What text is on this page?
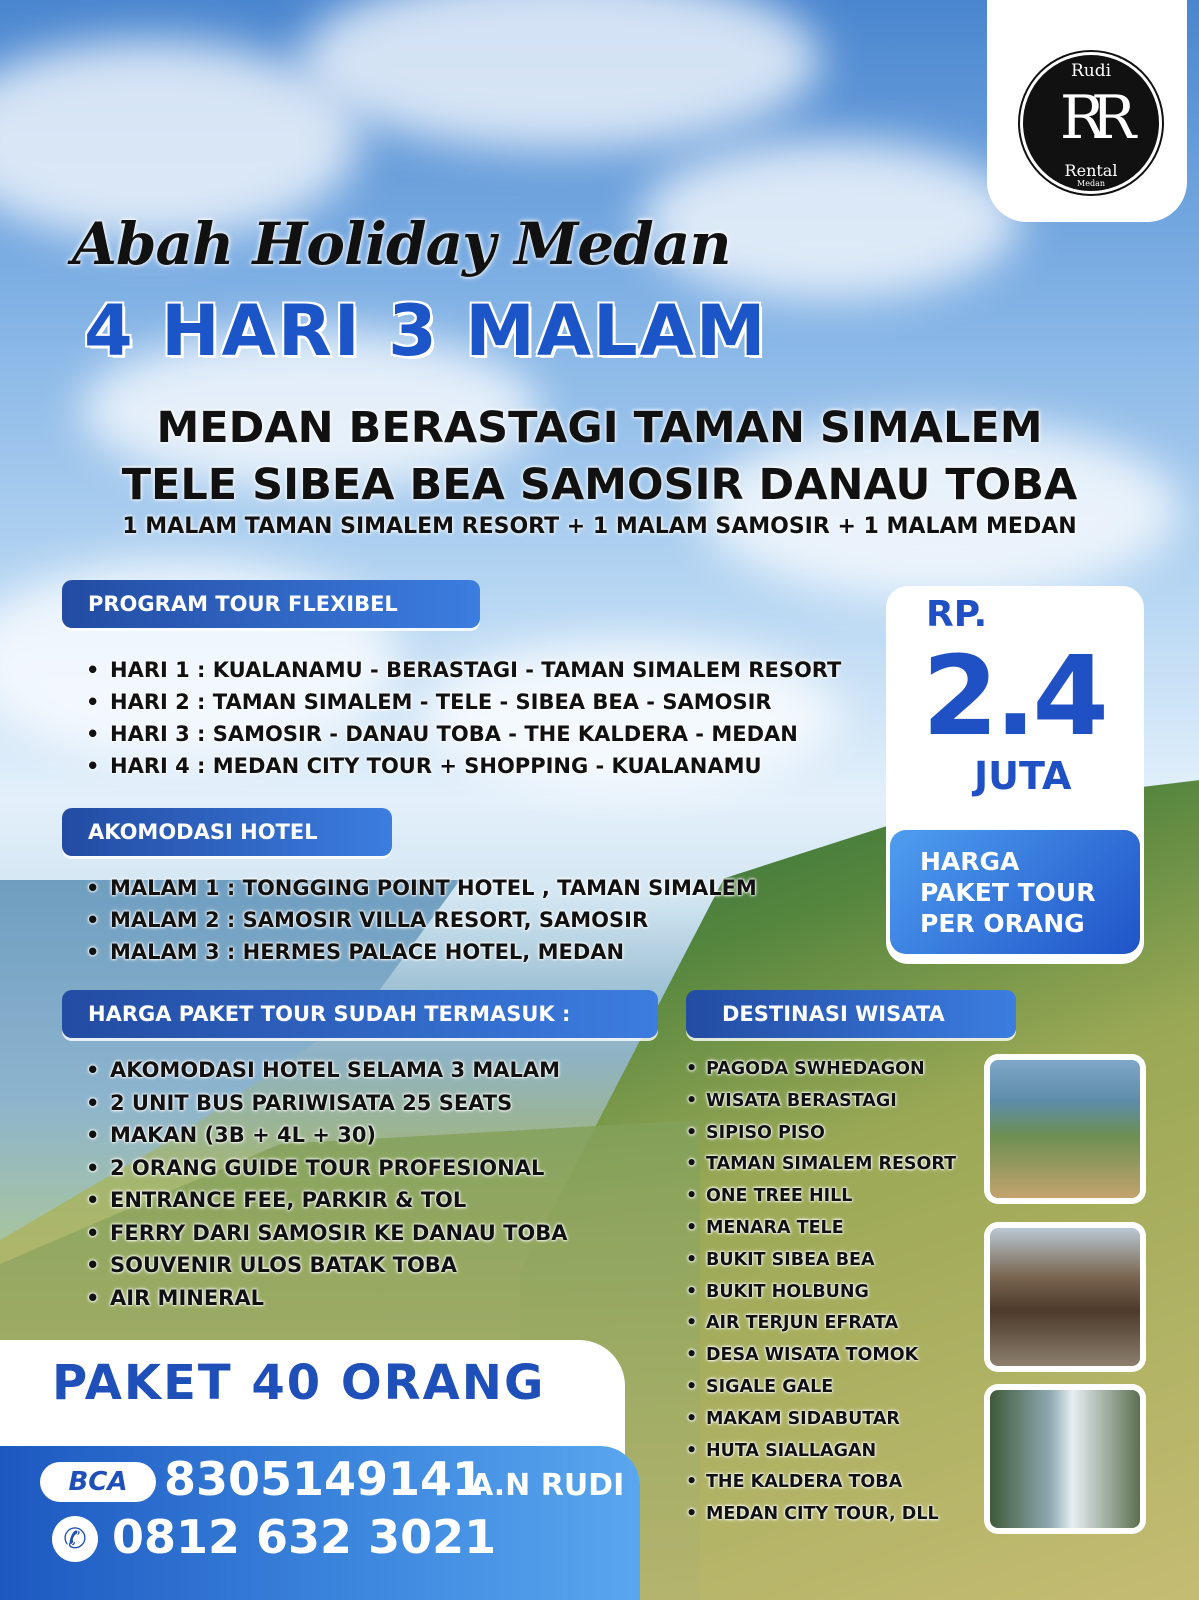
Rudi
RR
Rental
Medan
Abah Holiday Medan
4 HARI 3 MALAM
MEDAN BERASTAGI TAMAN SIMALEM
TELE SIBEA BEA SAMOSIR DANAU TOBA
1 MALAM TAMAN SIMALEM RESORT + 1 MALAM SAMOSIR + 1 MALAM MEDAN
PROGRAM TOUR FLEXIBEL
• HARI 1 : KUALANAMU - BERASTAGI - TAMAN SIMALEM RESORT
• HARI 2 : TAMAN SIMALEM - TELE - SIBEA BEA - SAMOSIR
• HARI 3 : SAMOSIR - DANAU TOBA - THE KALDERA - MEDAN
• HARI 4 : MEDAN CITY TOUR + SHOPPING - KUALANAMU
AKOMODASI HOTEL
• MALAM 1 : TONGGING POINT HOTEL , TAMAN SIMALEM
• MALAM 2 : SAMOSIR VILLA RESORT, SAMOSIR
• MALAM 3 : HERMES PALACE HOTEL, MEDAN
HARGA PAKET TOUR SUDAH TERMASUK :
• AKOMODASI HOTEL SELAMA 3 MALAM
• 2 UNIT BUS PARIWISATA 25 SEATS
• MAKAN (3B + 4L + 30)
• 2 ORANG GUIDE TOUR PROFESIONAL
• ENTRANCE FEE, PARKIR & TOL
• FERRY DARI SAMOSIR KE DANAU TOBA
• SOUVENIR ULOS BATAK TOBA
• AIR MINERAL
DESTINASI WISATA
• PAGODA SWHEDAGON
• WISATA BERASTAGI
• SIPISO PISO
• TAMAN SIMALEM RESORT
• ONE TREE HILL
• MENARA TELE
• BUKIT SIBEA BEA
• BUKIT HOLBUNG
• AIR TERJUN EFRATA
• DESA WISATA TOMOK
• SIGALE GALE
• MAKAM SIDABUTAR
• HUTA SIALLAGAN
• THE KALDERA TOBA
• MEDAN CITY TOUR, DLL
RP.
2.4
JUTA
HARGA
PAKET TOUR
PER ORANG
PAKET 40 ORANG
BCA 8305149141
A.N RUDI
✆ 0812 632 3021
